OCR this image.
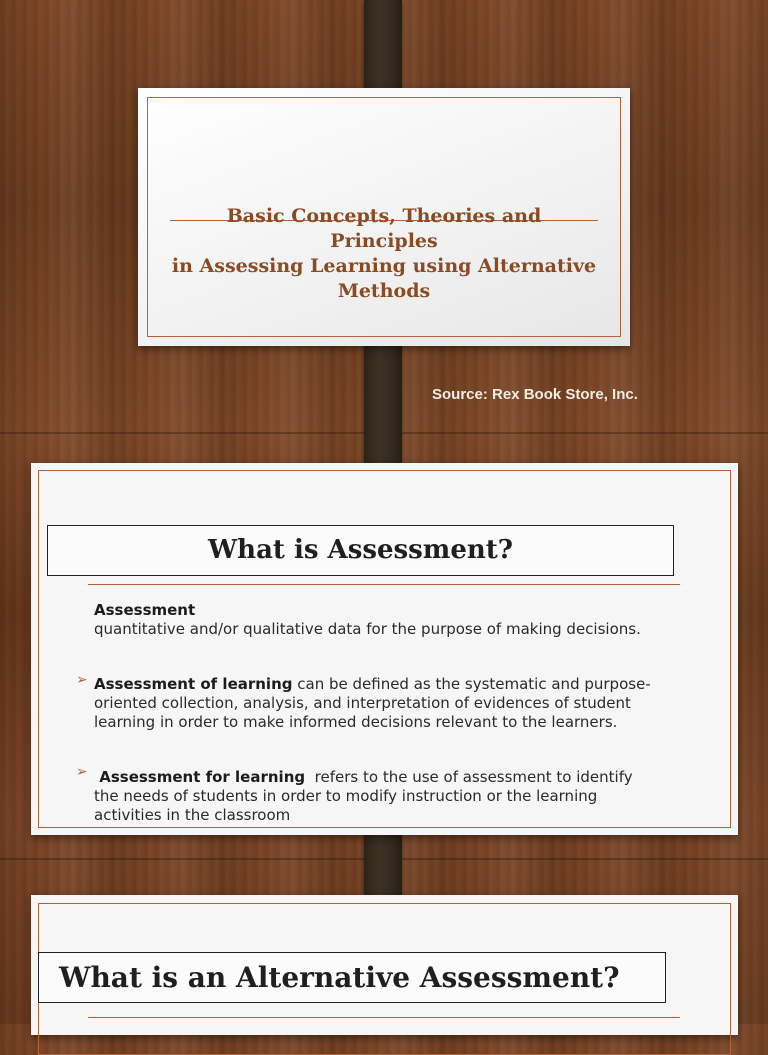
Basic Concepts, Theories and
Principles
in Assessing Learning using Alternative
Methods
Source: Rex Book Store, Inc.
What is Assessment?
Assessment
quantitative and/or qualitative data for the purpose of making decisions.
➢ Assessment of learning can be defined as the systematic and purpose-
oriented collection, analysis, and interpretation of evidences of student
learning in order to make informed decisions relevant to the learners.
➢ Assessment for learning  refers to the use of assessment to identify
the needs of students in order to modify instruction or the learning
activities in the classroom
What is an Alternative Assessment?
